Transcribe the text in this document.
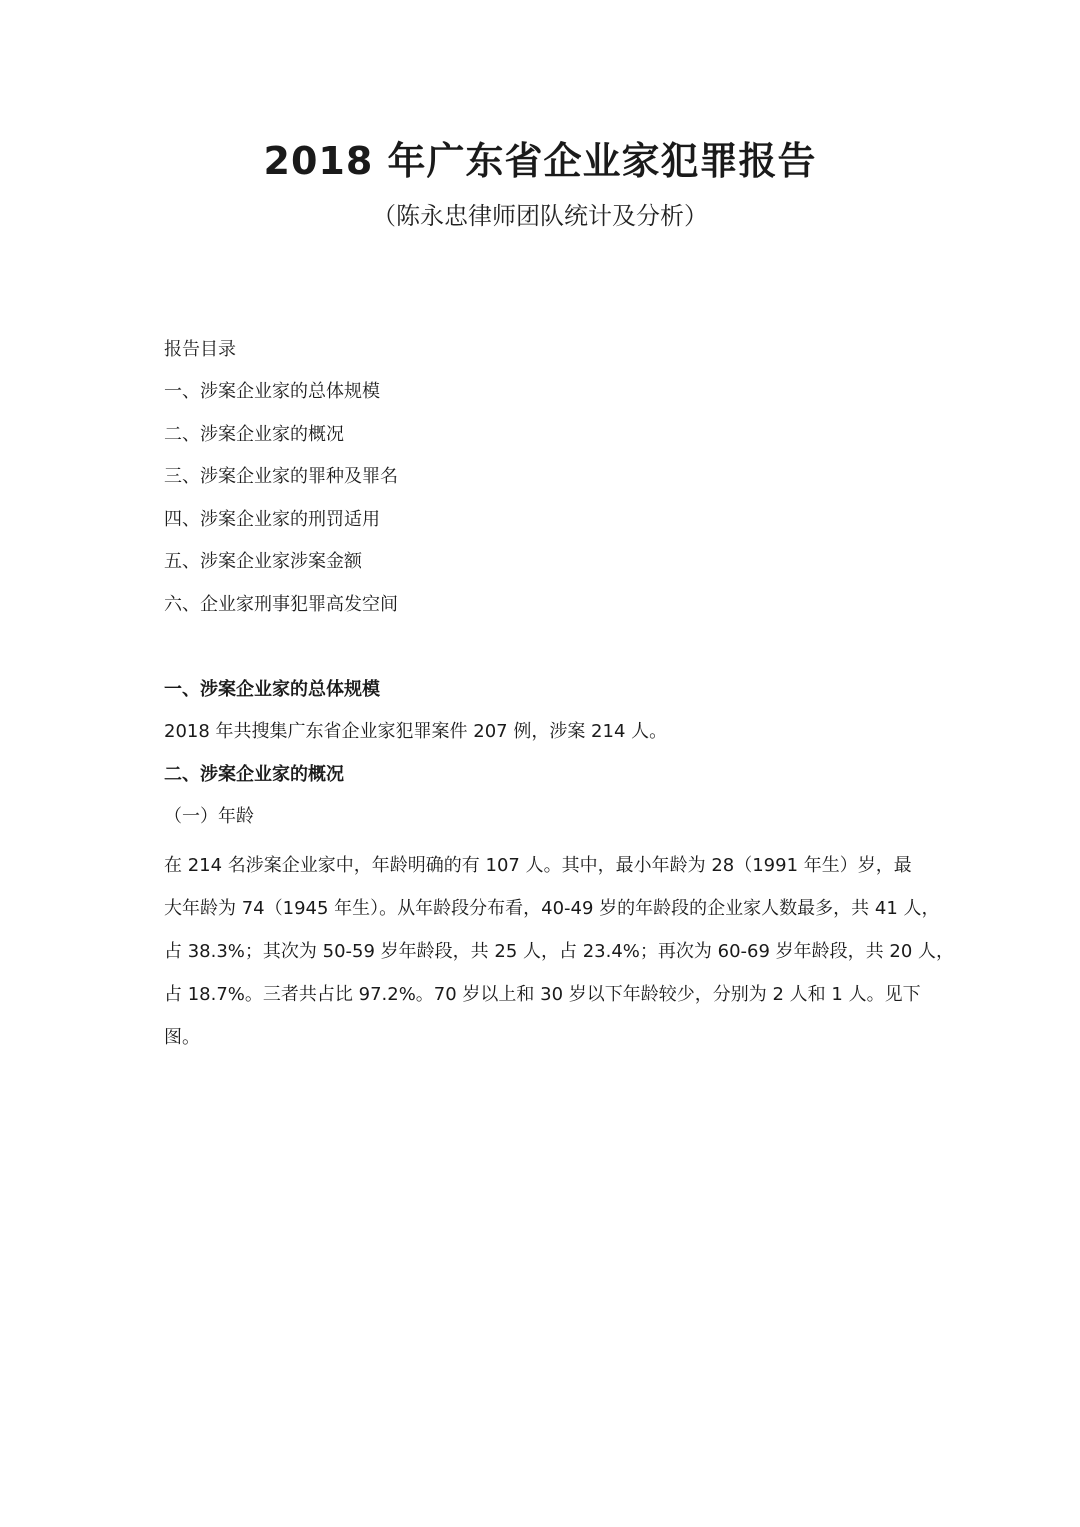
2018 年广东省企业家犯罪报告
（陈永忠律师团队统计及分析）
报告目录
一、涉案企业家的总体规模
二、涉案企业家的概况
三、涉案企业家的罪种及罪名
四、涉案企业家的刑罚适用
五、涉案企业家涉案金额
六、企业家刑事犯罪高发空间
一、涉案企业家的总体规模
2018 年共搜集广东省企业家犯罪案件 207 例，涉案 214 人。
二、涉案企业家的概况
（一）年龄
在 214 名涉案企业家中，年龄明确的有 107 人。其中，最小年龄为 28（1991 年生）岁，最
大年龄为 74（1945 年生）。从年龄段分布看，40-49 岁的年龄段的企业家人数最多，共 41 人，
占 38.3%；其次为 50-59 岁年龄段，共 25 人，占 23.4%；再次为 60-69 岁年龄段，共 20 人，
占 18.7%。三者共占比 97.2%。70 岁以上和 30 岁以下年龄较少，分别为 2 人和 1 人。见下
图。
